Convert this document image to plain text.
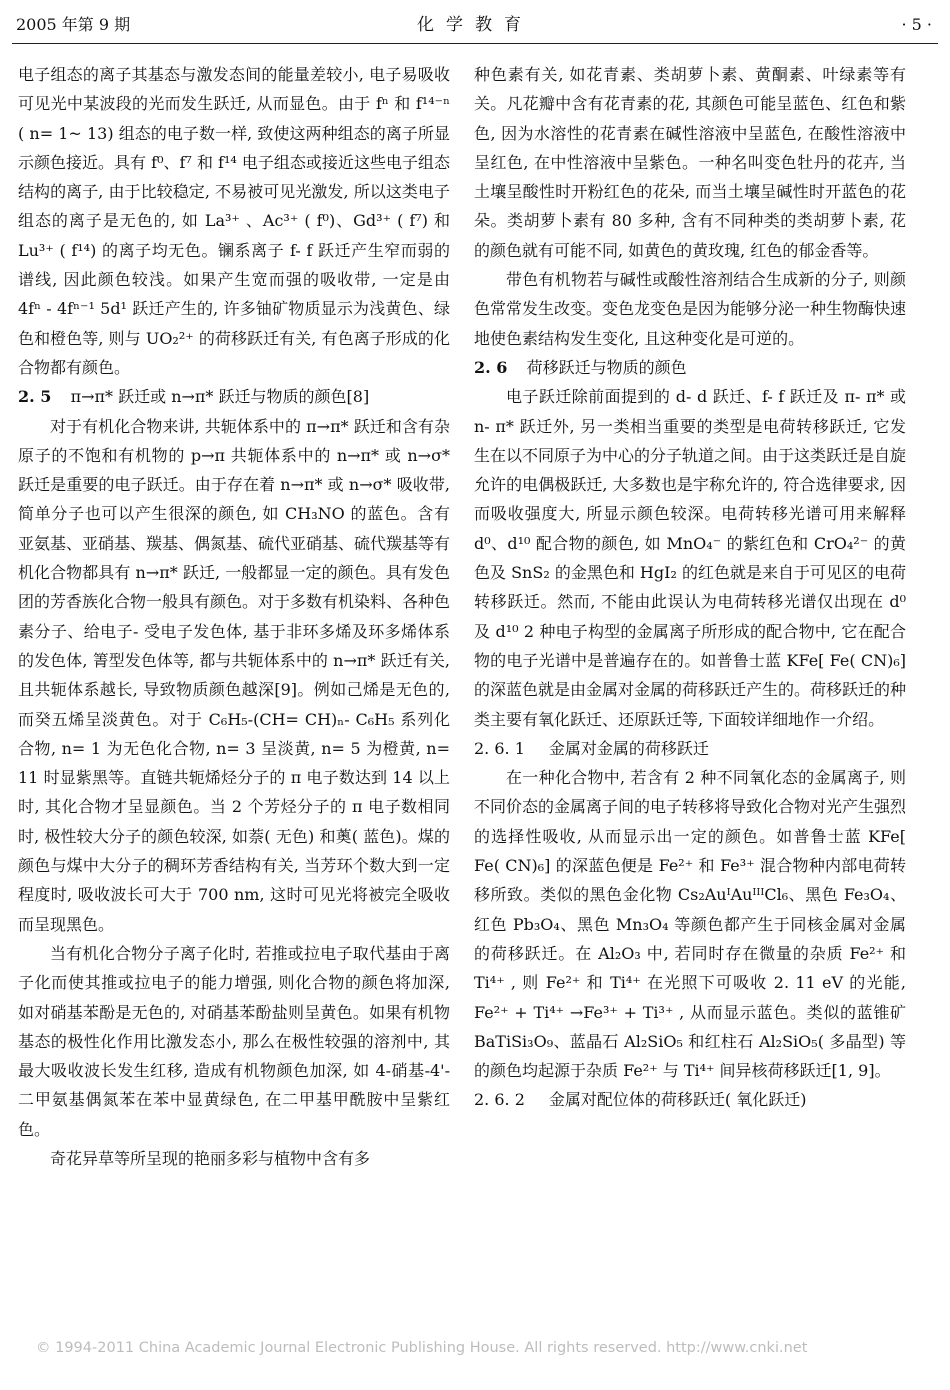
2005 年第 9 期	化学教育	· 5 ·

电子组态的离子其基态与激发态间的能量差较小, 电子易吸收可见光中某波段的光而发生跃迁, 从而显色。由于 fⁿ 和 f¹⁴⁻ⁿ ( n= 1~ 13) 组态的电子数一样, 致使这两种组态的离子所显示颜色接近。具有 f⁰、f⁷ 和 f¹⁴ 电子组态或接近这些电子组态结构的离子, 由于比较稳定, 不易被可见光激发, 所以这类电子组态的离子是无色的, 如 La³⁺ 、Ac³⁺ ( f⁰)、Gd³⁺ ( f⁷) 和 Lu³⁺ ( f¹⁴) 的离子均无色。镧系离子 f- f 跃迁产生窄而弱的谱线, 因此颜色较浅。如果产生宽而强的吸收带, 一定是由 4fⁿ - 4fⁿ⁻¹ 5d¹ 跃迁产生的, 许多铀矿物质显示为浅黄色、绿色和橙色等, 则与 UO₂²⁺ 的荷移跃迁有关, 有色离子形成的化合物都有颜色。

2. 5 π→π* 跃迁或 n→π* 跃迁与物质的颜色[8]

对于有机化合物来讲, 共轭体系中的 π→π* 跃迁和含有杂原子的不饱和有机物的 p→π 共轭体系中的 n→π* 或 n→σ* 跃迁是重要的电子跃迁。由于存在着 n→π* 或 n→σ* 吸收带, 简单分子也可以产生很深的颜色, 如 CH₃NO 的蓝色。含有亚氨基、亚硝基、羰基、偶氮基、硫代亚硝基、硫代羰基等有机化合物都具有 n→π* 跃迁, 一般都显一定的颜色。具有发色团的芳香族化合物一般具有颜色。对于多数有机染料、各种色素分子、给电子- 受电子发色体, 基于非环多烯及环多烯体系的发色体, 箐型发色体等, 都与共轭体系中的 n→π* 跃迁有关, 且共轭体系越长, 导致物质颜色越深[9]。例如己烯是无色的, 而癸五烯呈淡黄色。对于 C₆H₅-(CH= CH)ₙ- C₆H₅ 系列化合物, n= 1 为无色化合物, n= 3 呈淡黄, n= 5 为橙黄, n= 11 时显紫黑等。直链共轭烯烃分子的 π 电子数达到 14 以上时, 其化合物才呈显颜色。当 2 个芳烃分子的 π 电子数相同时, 极性较大分子的颜色较深, 如萘( 无色) 和薁( 蓝色)。煤的颜色与煤中大分子的稠环芳香结构有关, 当芳环个数大到一定程度时, 吸收波长可大于 700 nm, 这时可见光将被完全吸收而呈现黑色。

当有机化合物分子离子化时, 若推或拉电子取代基由于离子化而使其推或拉电子的能力增强, 则化合物的颜色将加深, 如对硝基苯酚是无色的, 对硝基苯酚盐则呈黄色。如果有机物基态的极性化作用比激发态小, 那么在极性较强的溶剂中, 其最大吸收波长发生红移, 造成有机物颜色加深, 如 4-硝基-4'-二甲氨基偶氮苯在苯中显黄绿色, 在二甲基甲酰胺中呈紫红色。

奇花异草等所呈现的艳丽多彩与植物中含有多

种色素有关, 如花青素、类胡萝卜素、黄酮素、叶绿素等有关。凡花瓣中含有花青素的花, 其颜色可能呈蓝色、红色和紫色, 因为水溶性的花青素在碱性溶液中呈蓝色, 在酸性溶液中呈红色, 在中性溶液中呈紫色。一种名叫变色牡丹的花卉, 当土壤呈酸性时开粉红色的花朵, 而当土壤呈碱性时开蓝色的花朵。类胡萝卜素有 80 多种, 含有不同种类的类胡萝卜素, 花的颜色就有可能不同, 如黄色的黄玫瑰, 红色的郁金香等。

带色有机物若与碱性或酸性溶剂结合生成新的分子, 则颜色常常发生改变。变色龙变色是因为能够分泌一种生物酶快速地使色素结构发生变化, 且这种变化是可逆的。

2. 6 荷移跃迁与物质的颜色

电子跃迁除前面提到的 d- d 跃迁、f- f 跃迁及 π- π* 或 n- π* 跃迁外, 另一类相当重要的类型是电荷转移跃迁, 它发生在以不同原子为中心的分子轨道之间。由于这类跃迁是自旋允许的电偶极跃迁, 大多数也是宇称允许的, 符合选律要求, 因而吸收强度大, 所显示颜色较深。电荷转移光谱可用来解释 d⁰、d¹⁰ 配合物的颜色, 如 MnO₄⁻ 的紫红色和 CrO₄²⁻ 的黄色及 SnS₂ 的金黑色和 HgI₂ 的红色就是来自于可见区的电荷转移跃迁。然而, 不能由此误认为电荷转移光谱仅出现在 d⁰ 及 d¹⁰ 2 种电子构型的金属离子所形成的配合物中, 它在配合物的电子光谱中是普遍存在的。如普鲁士蓝 KFe[ Fe( CN)₆] 的深蓝色就是由金属对金属的荷移跃迁产生的。荷移跃迁的种类主要有氧化跃迁、还原跃迁等, 下面较详细地作一介绍。

2. 6. 1 金属对金属的荷移跃迁

在一种化合物中, 若含有 2 种不同氧化态的金属离子, 则不同价态的金属离子间的电子转移将导致化合物对光产生强烈的选择性吸收, 从而显示出一定的颜色。如普鲁士蓝 KFe[ Fe( CN)₆] 的深蓝色便是 Fe²⁺ 和 Fe³⁺ 混合物种内部电荷转移所致。类似的黑色金化物 Cs₂AuᴵAuᴵᴵᴵCl₆、黑色 Fe₃O₄、红色 Pb₃O₄、黑色 Mn₃O₄ 等颜色都产生于同核金属对金属的荷移跃迁。在 Al₂O₃ 中, 若同时存在微量的杂质 Fe²⁺ 和 Ti⁴⁺ , 则 Fe²⁺ 和 Ti⁴⁺ 在光照下可吸收 2. 11 eV 的光能, Fe²⁺ + Ti⁴⁺ →Fe³⁺ + Ti³⁺ , 从而显示蓝色。类似的蓝锥矿 BaTiSi₃O₉、蓝晶石 Al₂SiO₅ 和红柱石 Al₂SiO₅( 多晶型) 等的颜色均起源于杂质 Fe²⁺ 与 Ti⁴⁺ 间异核荷移跃迁[1, 9]。

2. 6. 2 金属对配位体的荷移跃迁( 氧化跃迁)
© 1994-2011 China Academic Journal Electronic Publishing House. All rights reserved. http://www.cnki.net
